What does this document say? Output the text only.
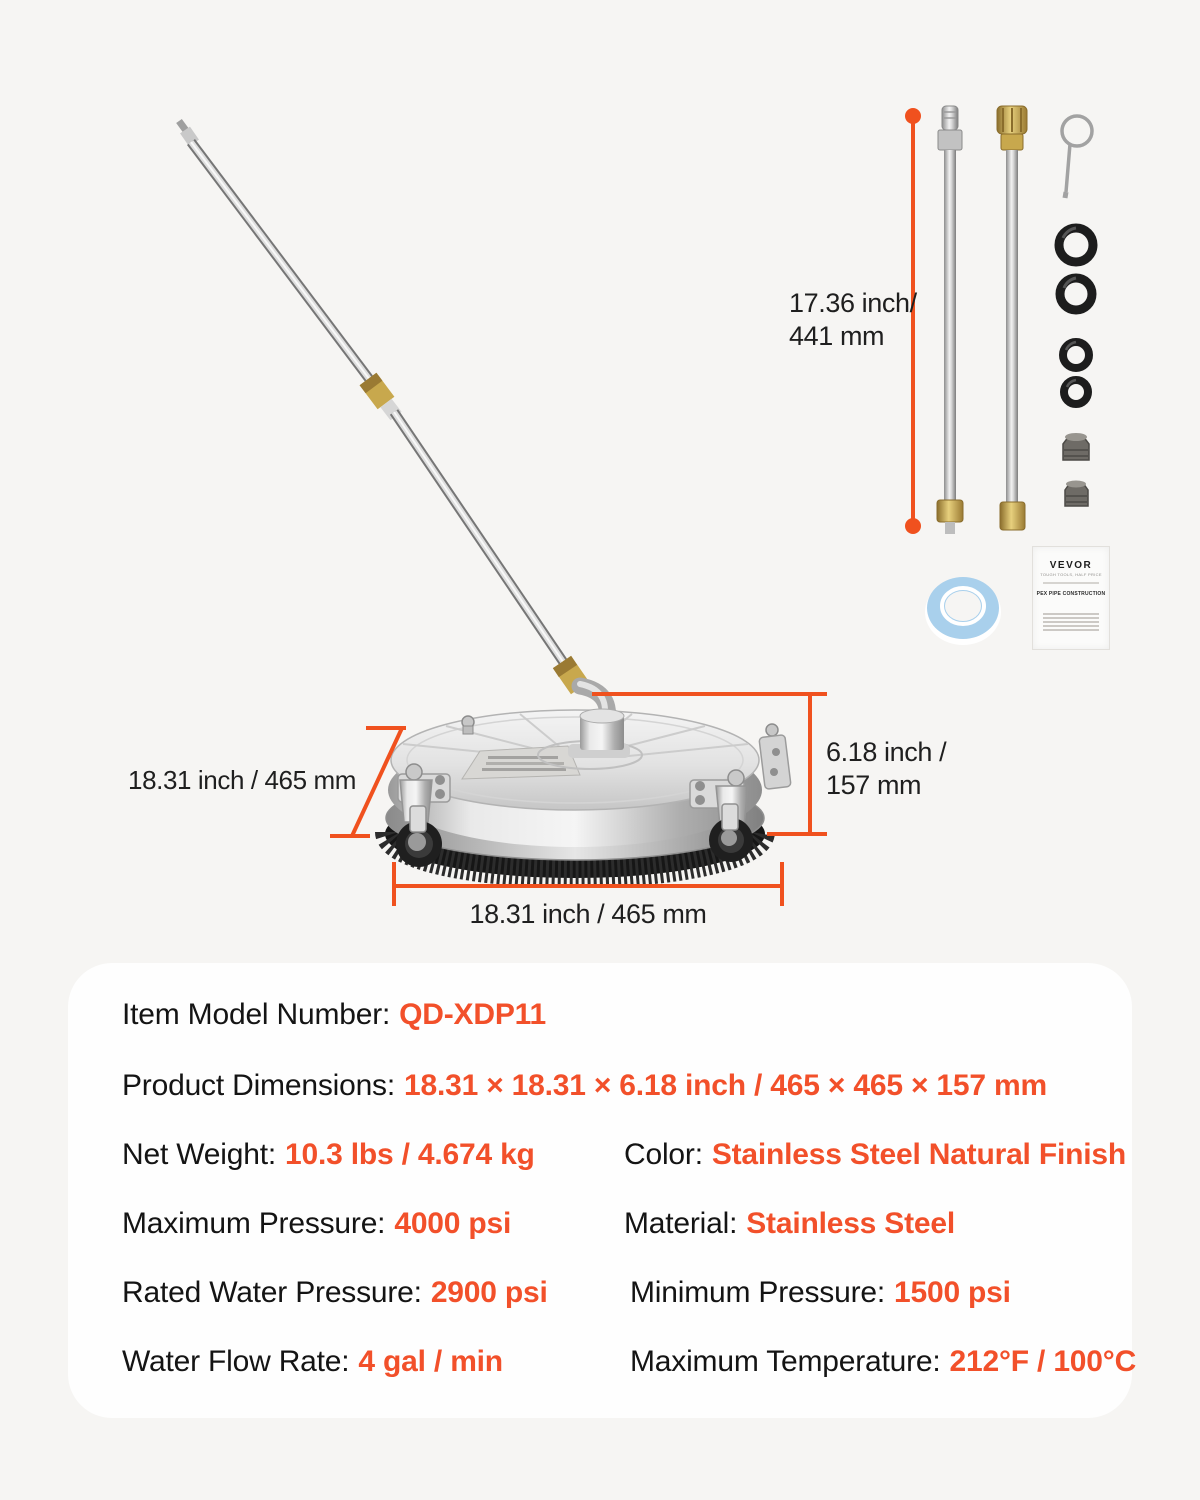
17.36 inch/
441 mm
18.31 inch / 465 mm
6.18 inch /
157 mm
18.31 inch / 465 mm
VEVOR
TOUGH TOOLS, HALF PRICE
PEX PIPE CONSTRUCTION
Item Model Number: QD-XDP11
Product Dimensions: 18.31 × 18.31 × 6.18 inch / 465 × 465 × 157 mm
Net Weight: 10.3 lbs / 4.674 kg	Color: Stainless Steel Natural Finish
Maximum Pressure: 4000 psi	Material: Stainless Steel
Rated Water Pressure: 2900 psi	Minimum Pressure: 1500 psi
Water Flow Rate: 4 gal / min	Maximum Temperature: 212°F / 100°C
